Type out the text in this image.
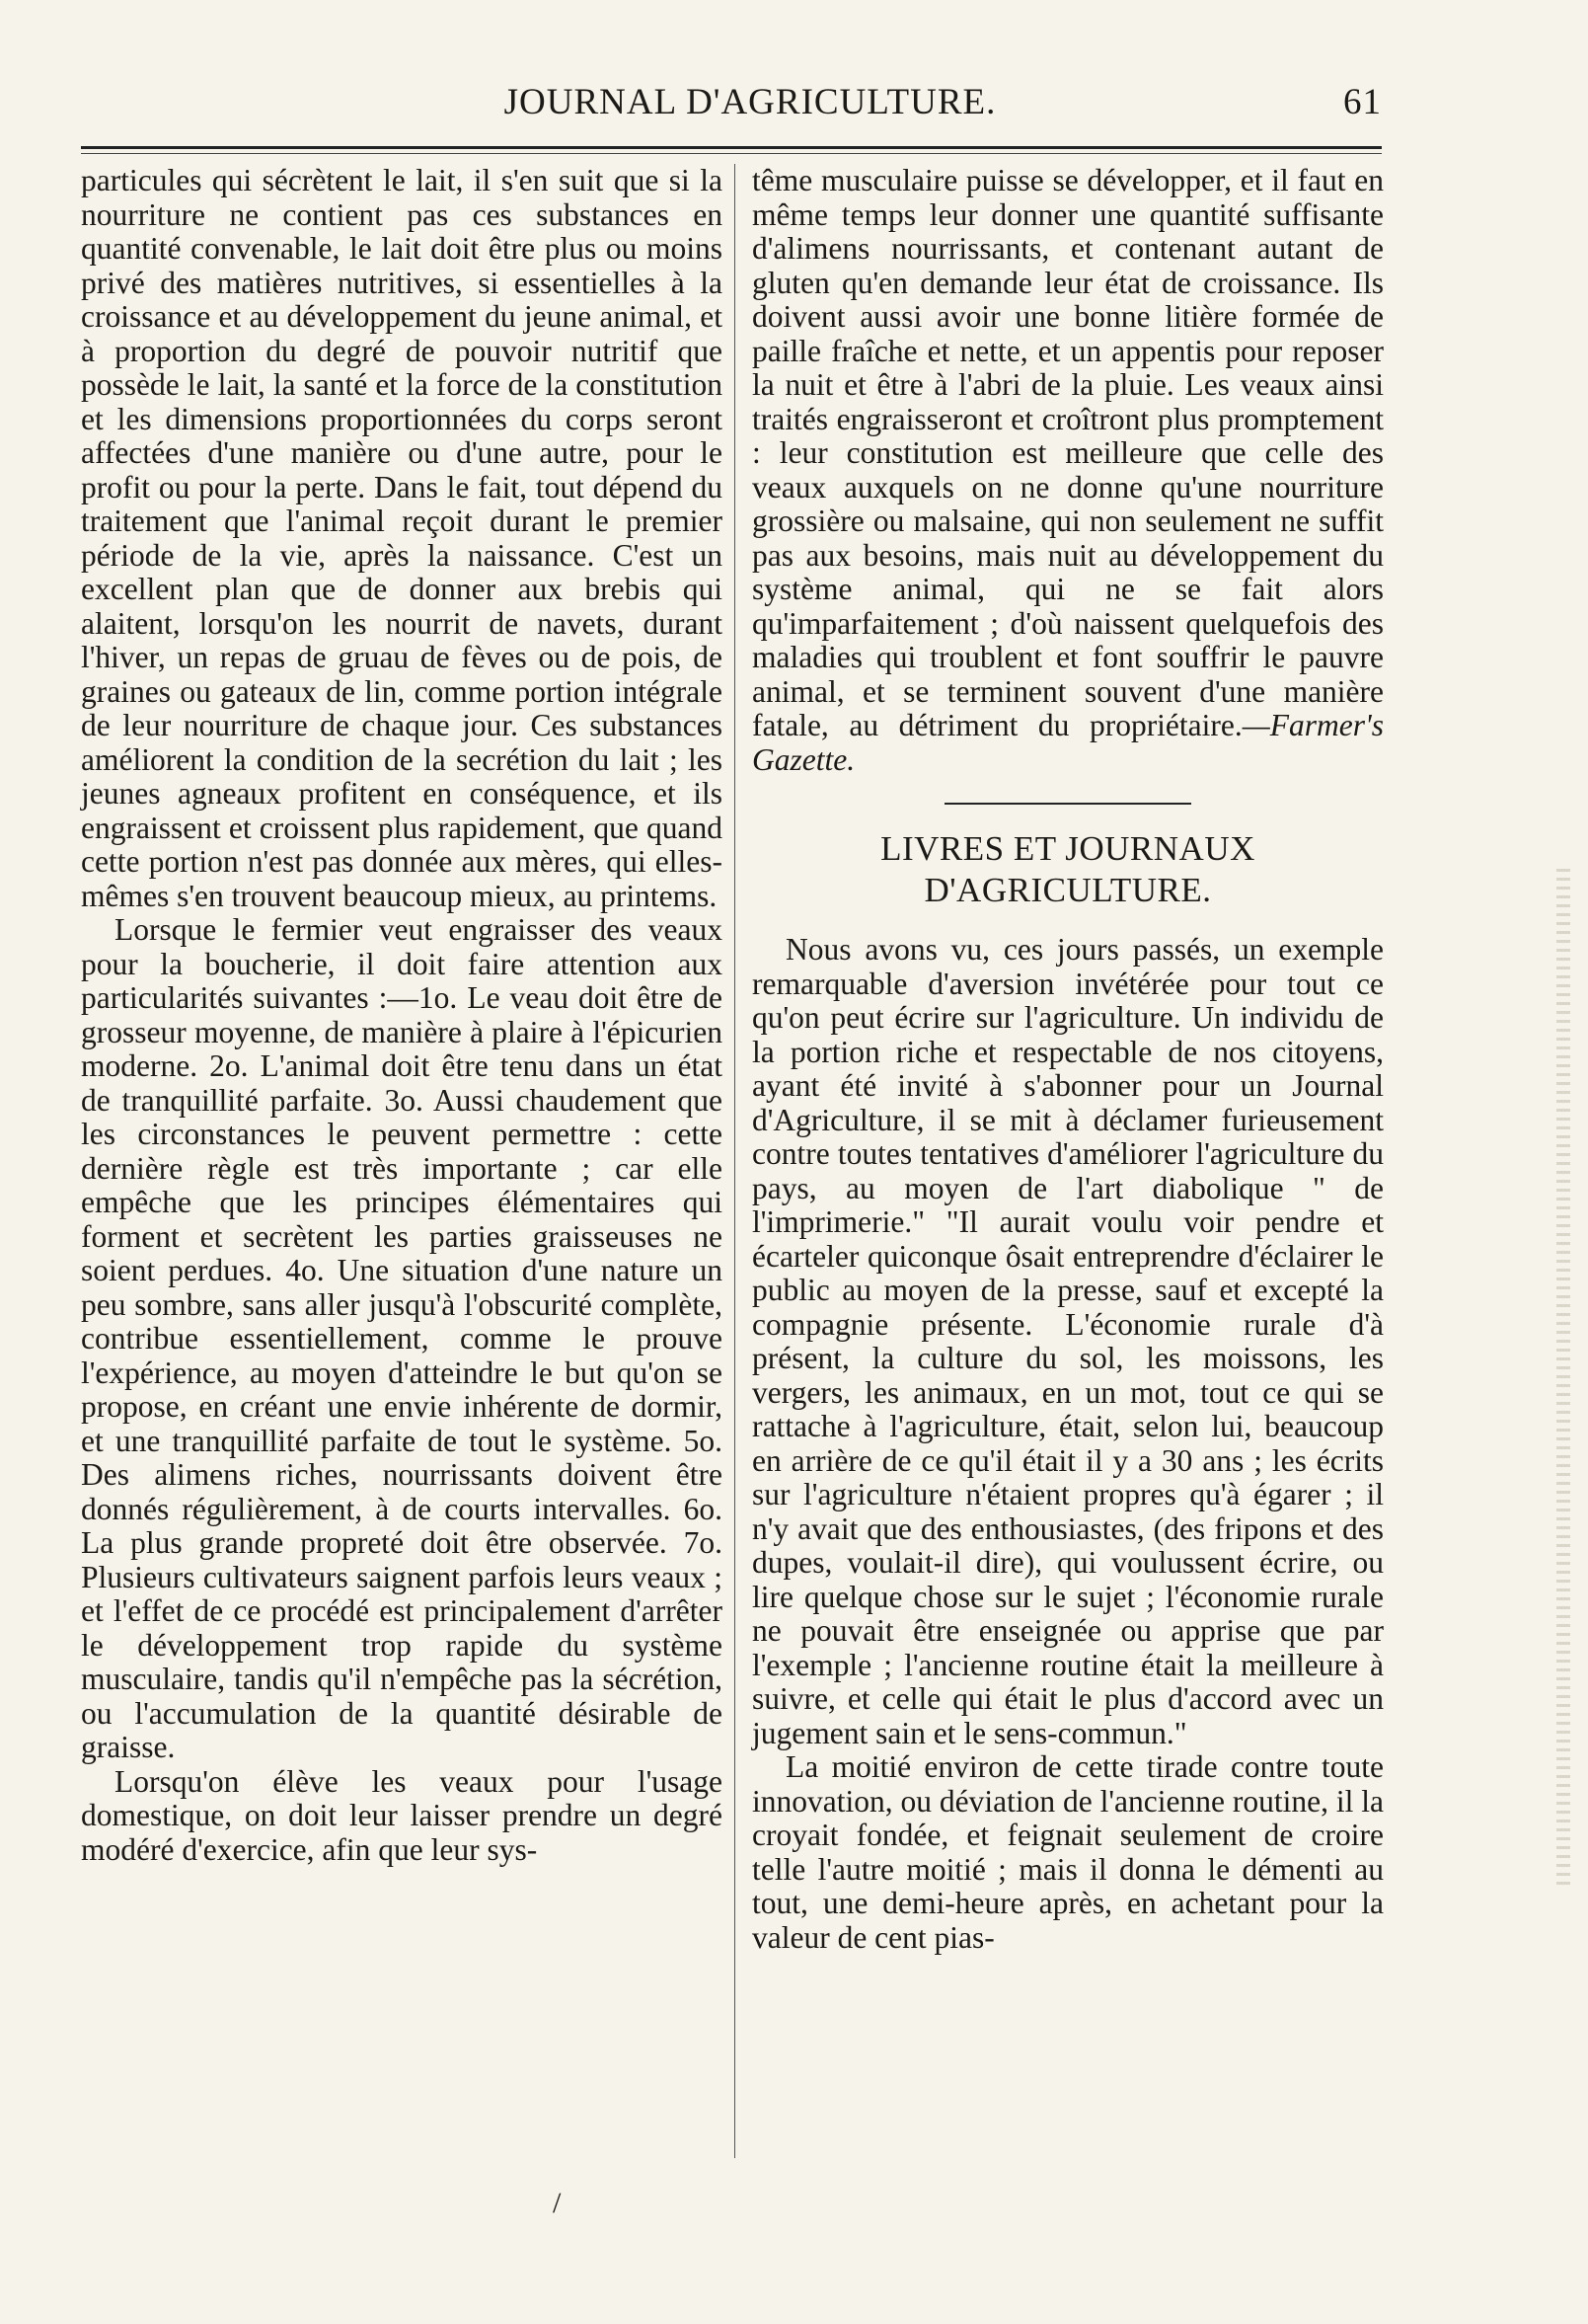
JOURNAL D'AGRICULTURE.	61

particules qui sécrètent le lait, il s'en suit que si la nourriture ne contient pas ces substances en quantité convenable, le lait doit être plus ou moins privé des matières nutritives, si essentielles à la croissance et au développement du jeune animal, et à proportion du degré de pouvoir nutritif que possède le lait, la santé et la force de la constitution et les dimensions proportionnées du corps seront affectées d'une manière ou d'une autre, pour le profit ou pour la perte. Dans le fait, tout dépend du traitement que l'animal reçoit durant le premier période de la vie, après la naissance. C'est un excellent plan que de donner aux brebis qui alaitent, lorsqu'on les nourrit de navets, durant l'hiver, un repas de gruau de fèves ou de pois, de graines ou gateaux de lin, comme portion intégrale de leur nourriture de chaque jour. Ces substances améliorent la condition de la secrétion du lait ; les jeunes agneaux profitent en conséquence, et ils engraissent et croissent plus rapidement, que quand cette portion n'est pas donnée aux mères, qui elles-mêmes s'en trouvent beaucoup mieux, au printems.

Lorsque le fermier veut engraisser des veaux pour la boucherie, il doit faire attention aux particularités suivantes :—1o. Le veau doit être de grosseur moyenne, de manière à plaire à l'épicurien moderne. 2o. L'animal doit être tenu dans un état de tranquillité parfaite. 3o. Aussi chaudement que les circonstances le peuvent permettre : cette dernière règle est très importante ; car elle empêche que les principes élémentaires qui forment et secrètent les parties graisseuses ne soient perdues. 4o. Une situation d'une nature un peu sombre, sans aller jusqu'à l'obscurité complète, contribue essentiellement, comme le prouve l'expérience, au moyen d'atteindre le but qu'on se propose, en créant une envie inhérente de dormir, et une tranquillité parfaite de tout le système. 5o. Des alimens riches, nourrissants doivent être donnés régulièrement, à de courts intervalles. 6o. La plus grande propreté doit être observée. 7o. Plusieurs cultivateurs saignent parfois leurs veaux ; et l'effet de ce procédé est principalement d'arrêter le développement trop rapide du système musculaire, tandis qu'il n'empêche pas la sécrétion, ou l'accumulation de la quantité désirable de graisse.

Lorsqu'on élève les veaux pour l'usage domestique, on doit leur laisser prendre un degré modéré d'exercice, afin que leur sys-

tême musculaire puisse se développer, et il faut en même temps leur donner une quantité suffisante d'alimens nourrissants, et contenant autant de gluten qu'en demande leur état de croissance. Ils doivent aussi avoir une bonne litière formée de paille fraîche et nette, et un appentis pour reposer la nuit et être à l'abri de la pluie. Les veaux ainsi traités engraisseront et croîtront plus promptement : leur constitution est meilleure que celle des veaux auxquels on ne donne qu'une nourriture grossière ou malsaine, qui non seulement ne suffit pas aux besoins, mais nuit au développement du système animal, qui ne se fait alors qu'imparfaitement ; d'où naissent quelquefois des maladies qui troublent et font souffrir le pauvre animal, et se terminent souvent d'une manière fatale, au détriment du propriétaire.—Farmer's Gazette.

LIVRES ET JOURNAUX D'AGRICULTURE.

Nous avons vu, ces jours passés, un exemple remarquable d'aversion invétérée pour tout ce qu'on peut écrire sur l'agriculture. Un individu de la portion riche et respectable de nos citoyens, ayant été invité à s'abonner pour un Journal d'Agriculture, il se mit à déclamer furieusement contre toutes tentatives d'améliorer l'agriculture du pays, au moyen de l'art diabolique " de l'imprimerie." "Il aurait voulu voir pendre et écarteler quiconque ôsait entreprendre d'éclairer le public au moyen de la presse, sauf et excepté la compagnie présente. L'économie rurale d'à présent, la culture du sol, les moissons, les vergers, les animaux, en un mot, tout ce qui se rattache à l'agriculture, était, selon lui, beaucoup en arrière de ce qu'il était il y a 30 ans ; les écrits sur l'agriculture n'étaient propres qu'à égarer ; il n'y avait que des enthousiastes, (des fripons et des dupes, voulait-il dire), qui voulussent écrire, ou lire quelque chose sur le sujet ; l'économie rurale ne pouvait être enseignée ou apprise que par l'exemple ; l'ancienne routine était la meilleure à suivre, et celle qui était le plus d'accord avec un jugement sain et le sens-commun."

La moitié environ de cette tirade contre toute innovation, ou déviation de l'ancienne routine, il la croyait fondée, et feignait seulement de croire telle l'autre moitié ; mais il donna le démenti au tout, une demi-heure après, en achetant pour la valeur de cent pias-

/
